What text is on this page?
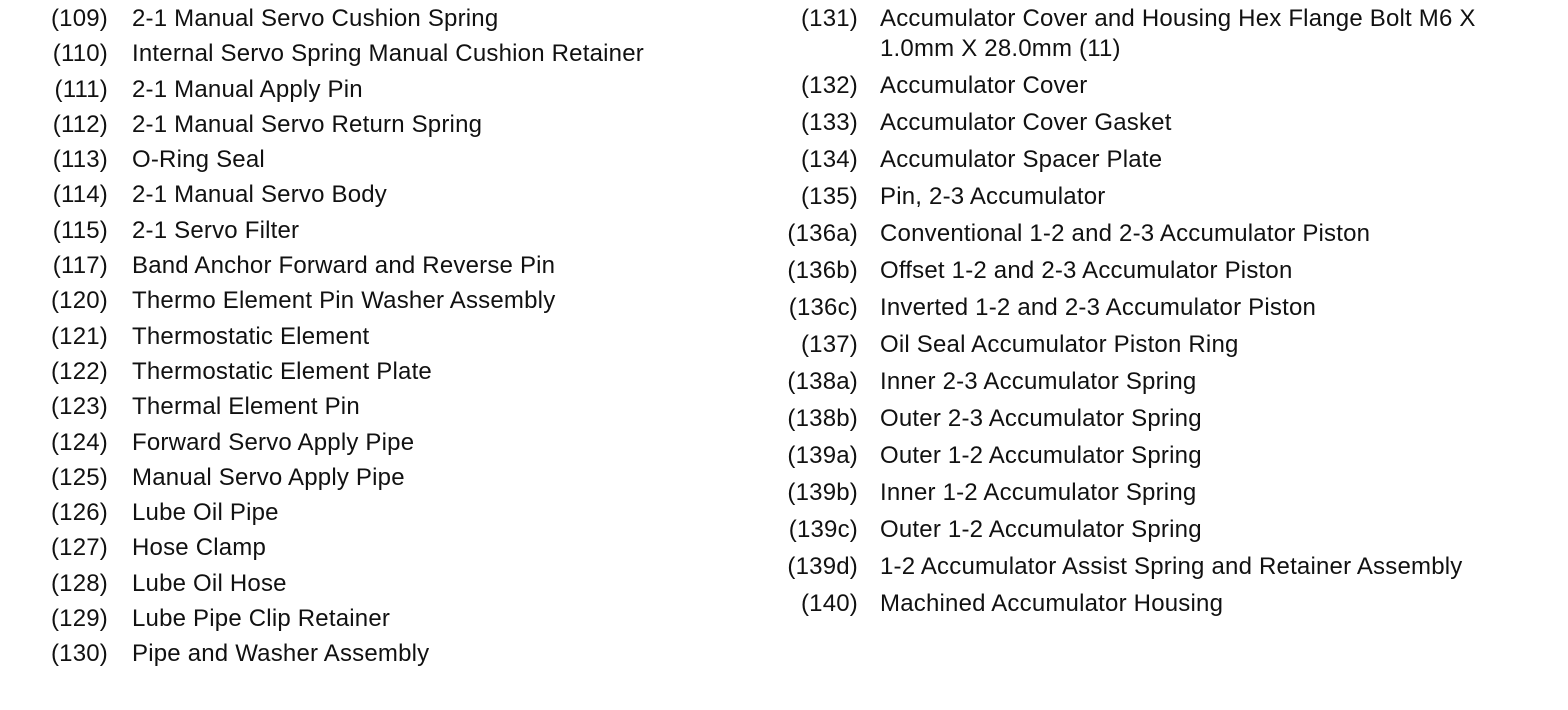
(109) 2-1 Manual Servo Cushion Spring
(110) Internal Servo Spring Manual Cushion Retainer
(111) 2-1 Manual Apply Pin
(112) 2-1 Manual Servo Return Spring
(113) O-Ring Seal
(114) 2-1 Manual Servo Body
(115) 2-1 Servo Filter
(117) Band Anchor Forward and Reverse Pin
(120) Thermo Element Pin Washer Assembly
(121) Thermostatic Element
(122) Thermostatic Element Plate
(123) Thermal Element Pin
(124) Forward Servo Apply Pipe
(125) Manual Servo Apply Pipe
(126) Lube Oil Pipe
(127) Hose Clamp
(128) Lube Oil Hose
(129) Lube Pipe Clip Retainer
(130) Pipe and Washer Assembly
(131) Accumulator Cover and Housing Hex Flange Bolt M6 X 1.0mm X 28.0mm (11)
(132) Accumulator Cover
(133) Accumulator Cover Gasket
(134) Accumulator Spacer Plate
(135) Pin, 2-3 Accumulator
(136a) Conventional 1-2 and 2-3 Accumulator Piston
(136b) Offset 1-2 and 2-3 Accumulator Piston
(136c) Inverted 1-2 and 2-3 Accumulator Piston
(137) Oil Seal Accumulator Piston Ring
(138a) Inner 2-3 Accumulator Spring
(138b) Outer 2-3 Accumulator Spring
(139a) Outer 1-2 Accumulator Spring
(139b) Inner 1-2 Accumulator Spring
(139c) Outer 1-2 Accumulator Spring
(139d) 1-2 Accumulator Assist Spring and Retainer Assembly
(140) Machined Accumulator Housing
